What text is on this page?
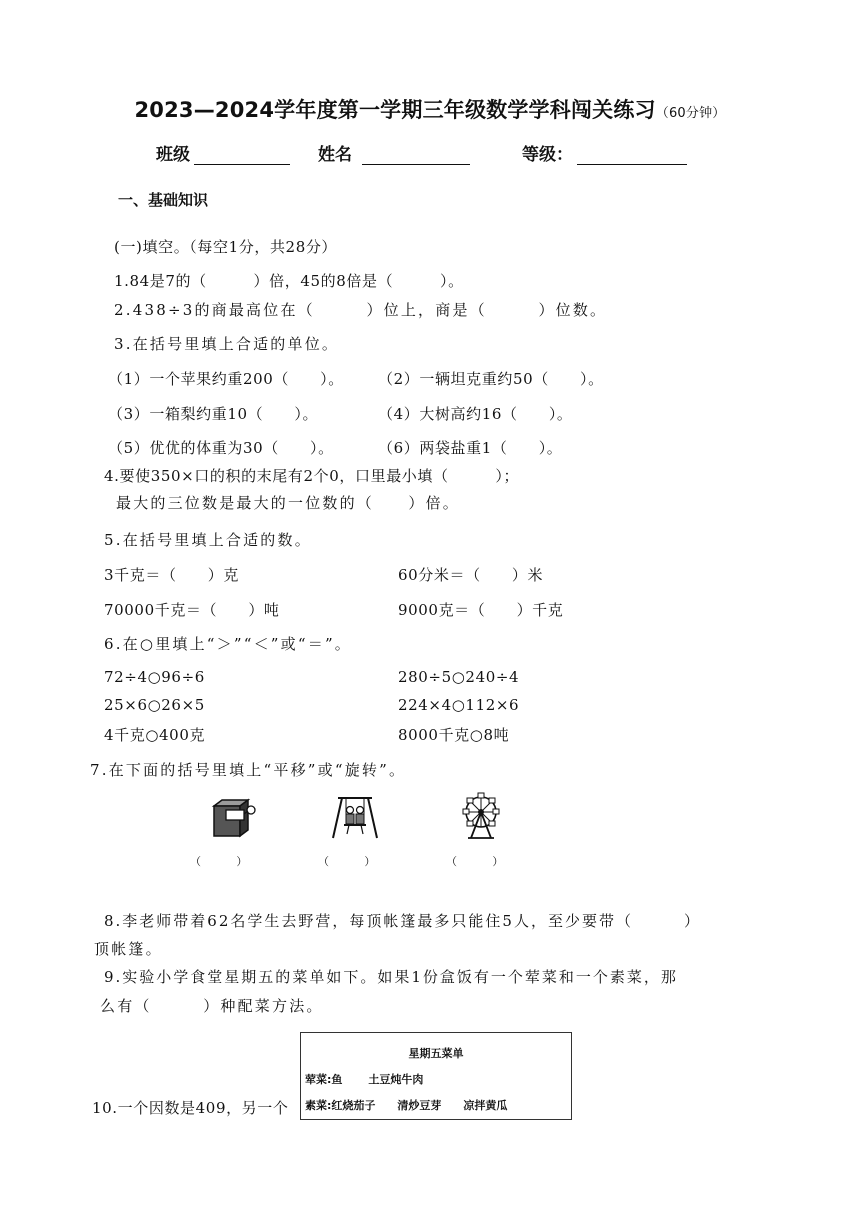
2023—2024学年度第一学期三年级数学学科闯关练习（60分钟）
班级	姓名	等级：
一、基础知识
(一)填空。（每空1分，共28分）
1.84是7的（　　　）倍，45的8倍是（　　　）。
2.438÷3的商最高位在（　　　）位上，商是（　　　）位数。
3.在括号里填上合适的单位。
（1）一个苹果约重200（　　）。 （2）一辆坦克重约50（　　）。
（3）一箱梨约重10（　　）。	（4）大树高约16（　　）。
（5）优优的体重为30（　　）。	（6）两袋盐重1（　　）。
4.要使350×口的积的末尾有2个0，口里最小填（　　　）；
最大的三位数是最大的一位数的（　　）倍。
5.在括号里填上合适的数。
3千克＝（　　）克	60分米＝（　　）米
70000千克＝（　　）吨	9000克＝（　　）千克
6.在○里填上“＞”“＜”或“＝”。
72÷4○96÷6	280÷5○240÷4
25×6○26×5	224×4○112×6
4千克○400克	8000千克○8吨
7.在下面的括号里填上“平移”或“旋转”。
（　　　）	（　　　）	（　　　）
8.李老师带着62名学生去野营，每顶帐篷最多只能住5人，至少要带（　　　）
顶帐篷。
9.实验小学食堂星期五的菜单如下。如果1份盒饭有一个荤菜和一个素菜，那
么有（　　　）种配菜方法。
10.一个因数是409，另一个
星期五菜单
荤菜:鱼 土豆炖牛肉
素菜:红烧茄子 清炒豆芽 凉拌黄瓜
